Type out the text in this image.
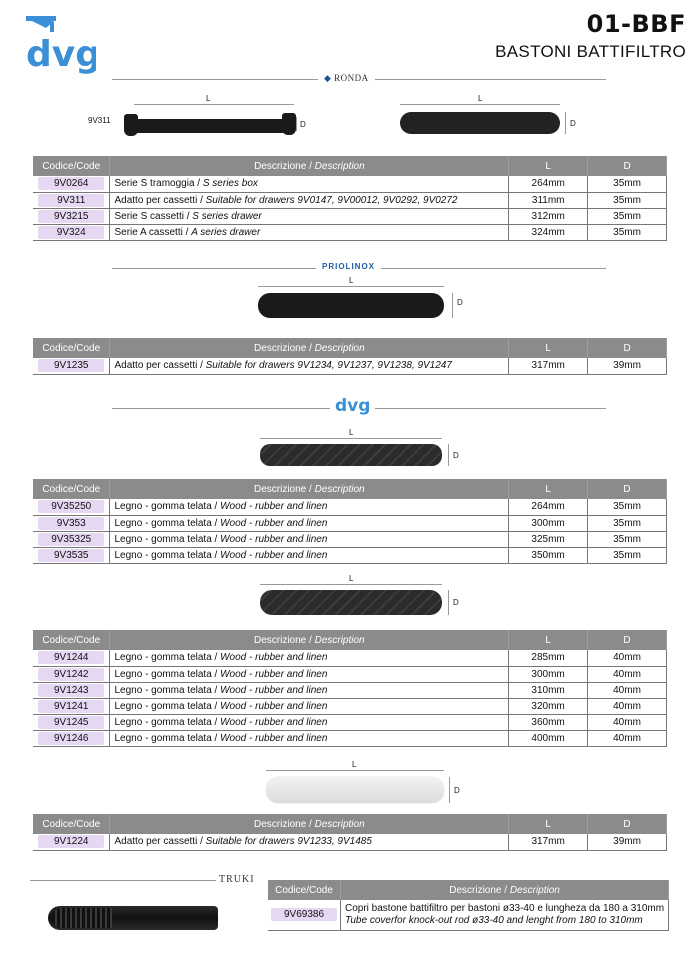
dvg
01-BBF
BASTONI BATTIFILTRO
◆ RONDA
9V311
L
D
L
D
Codice/Code	Descrizione / Description	L	D
9V0264	Serie S tramoggia / S series box	264mm	35mm
9V311	Adatto per cassetti / Suitable for drawers 9V0147, 9V00012, 9V0292, 9V0272	311mm	35mm
9V3215	Serie S cassetti / S series drawer	312mm	35mm
9V324	Serie A cassetti / A series drawer	324mm	35mm
PRIOLINOX
L
D
Codice/Code	Descrizione / Description	L	D
9V1235	Adatto per cassetti / Suitable for drawers 9V1234, 9V1237, 9V1238, 9V1247	317mm	39mm
dvg
L
D
Codice/Code	Descrizione / Description	L	D
9V35250	Legno - gomma telata / Wood - rubber and linen	264mm	35mm
9V353	Legno - gomma telata / Wood - rubber and linen	300mm	35mm
9V35325	Legno - gomma telata / Wood - rubber and linen	325mm	35mm
9V3535	Legno - gomma telata / Wood - rubber and linen	350mm	35mm
L
D
Codice/Code	Descrizione / Description	L	D
9V1244	Legno - gomma telata / Wood - rubber and linen	285mm	40mm
9V1242	Legno - gomma telata / Wood - rubber and linen	300mm	40mm
9V1243	Legno - gomma telata / Wood - rubber and linen	310mm	40mm
9V1241	Legno - gomma telata / Wood - rubber and linen	320mm	40mm
9V1245	Legno - gomma telata / Wood - rubber and linen	360mm	40mm
9V1246	Legno - gomma telata / Wood - rubber and linen	400mm	40mm
L
D
Codice/Code	Descrizione / Description	L	D
9V1224	Adatto per cassetti / Suitable for drawers 9V1233, 9V1485	317mm	39mm
TRUKI
Codice/Code	Descrizione / Description
9V69386	Copri bastone battifiltro per bastoni ø33-40 e lungheza da 180 a 310mm
Tube coverfor knock-out rod ø33-40 and lenght from 180 to 310mm
